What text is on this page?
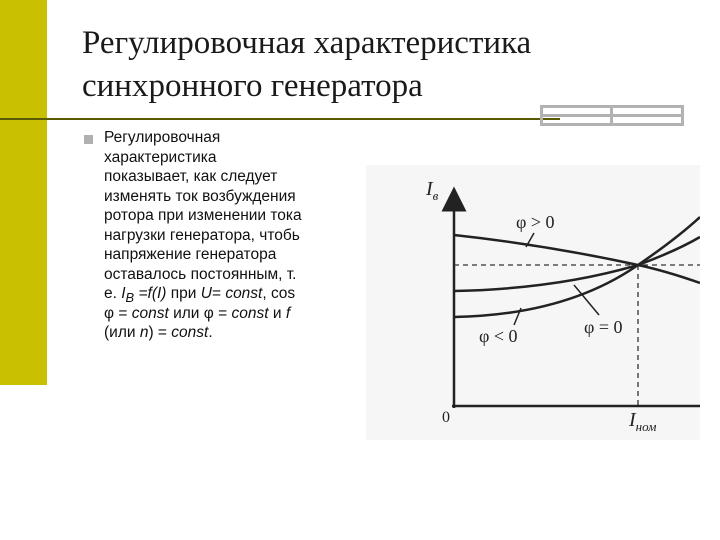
Регулировочная характеристика
синхронного генератора
Регулировочная
характеристика
показывает, как следует
изменять ток возбуждения
ротора при изменении тока
нагрузки генератора, чтобь
напряжение генератора
оставалось постоянным, т.
е. $I_B =f(I)$ при U= const, cos
φ = const или φ = const и f
(или n) = const.
$I_в$
φ > 0
φ = 0
φ < 0
0	$I_{ном}$
